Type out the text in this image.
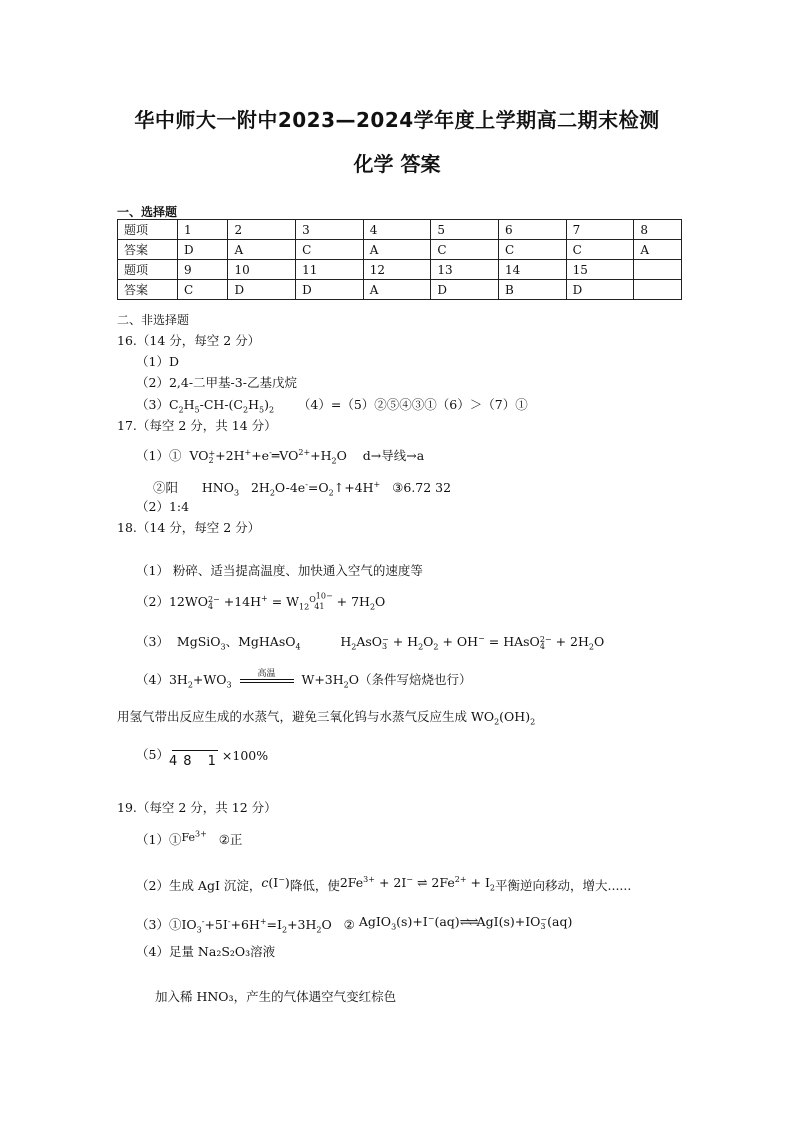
华中师大一附中2023—2024学年度上学期高二期末检测
化学 答案
一、选择题
题项	1	2	3	4	5	6	7	8
答案	D	A	C	A	C	C	C	A
题项	9	10	11	12	13	14	15	
答案	C	D	D	A	D	B	D	
二、非选择题
16.（14 分，每空 2 分）
（1）D
（2）2,4-二甲基-3-乙基戊烷
$(3)C_2H_5-CH-(C_2H_5)_2$ （4）=（5）②⑤④③①（6）＞（7）①
17.（每空 2 分，共 14 分）
（1）①  VO+
$2 +2H^++e^-═VO^{2+}+H_2O$    d→导线→a
②阳 $HNO_3$   $2H_2O-4e^-=O_2↑+4H^+$ ③6.72 32
（2）1:4
18.（14 分，每空 2 分）
（1） 粉碎、适当提高温度、加快通入空气的速度等
（2）12WO2−
$4 +14H^+ = W_{12}O^{10-}$
$41 + 7H_2O$
（3）  MgSiO$_3$、MgHAsO$_4$          $H_2AsO-$
$3 + H_2O_2 + OH^-$ = HAsO2−
$4 + 2H_2O$
$(4)3H_2+WO_3$
高温	$W+3H_2O$（条件写焙烧也行）
用氢气带出反应生成的水蒸气，避免三氧化钨与水蒸气反应生成 $WO_2(OH)_2$
（5） 48 1 ×100%
19.（每空 2 分，共 12 分）
$(1)①Fe^{3+}$ ②正
（2）生成 AgI 沉淀，c(I−)降低，使$2Fe^{3+} + 2I^-$ ⇌ $2Fe^{2+} + I_2$平衡逆向移动，增大......
$(3)①IO_3^-+5I^-+6H^+=I_2+3H_2O$   ② AgIO$_3$(s)+I−(aq)⇌⇌AgI(s)+IO−
3 (aq)
（4）足量 Na₂S₂O₃溶液
加入稀 HNO₃，产生的气体遇空气变红棕色
